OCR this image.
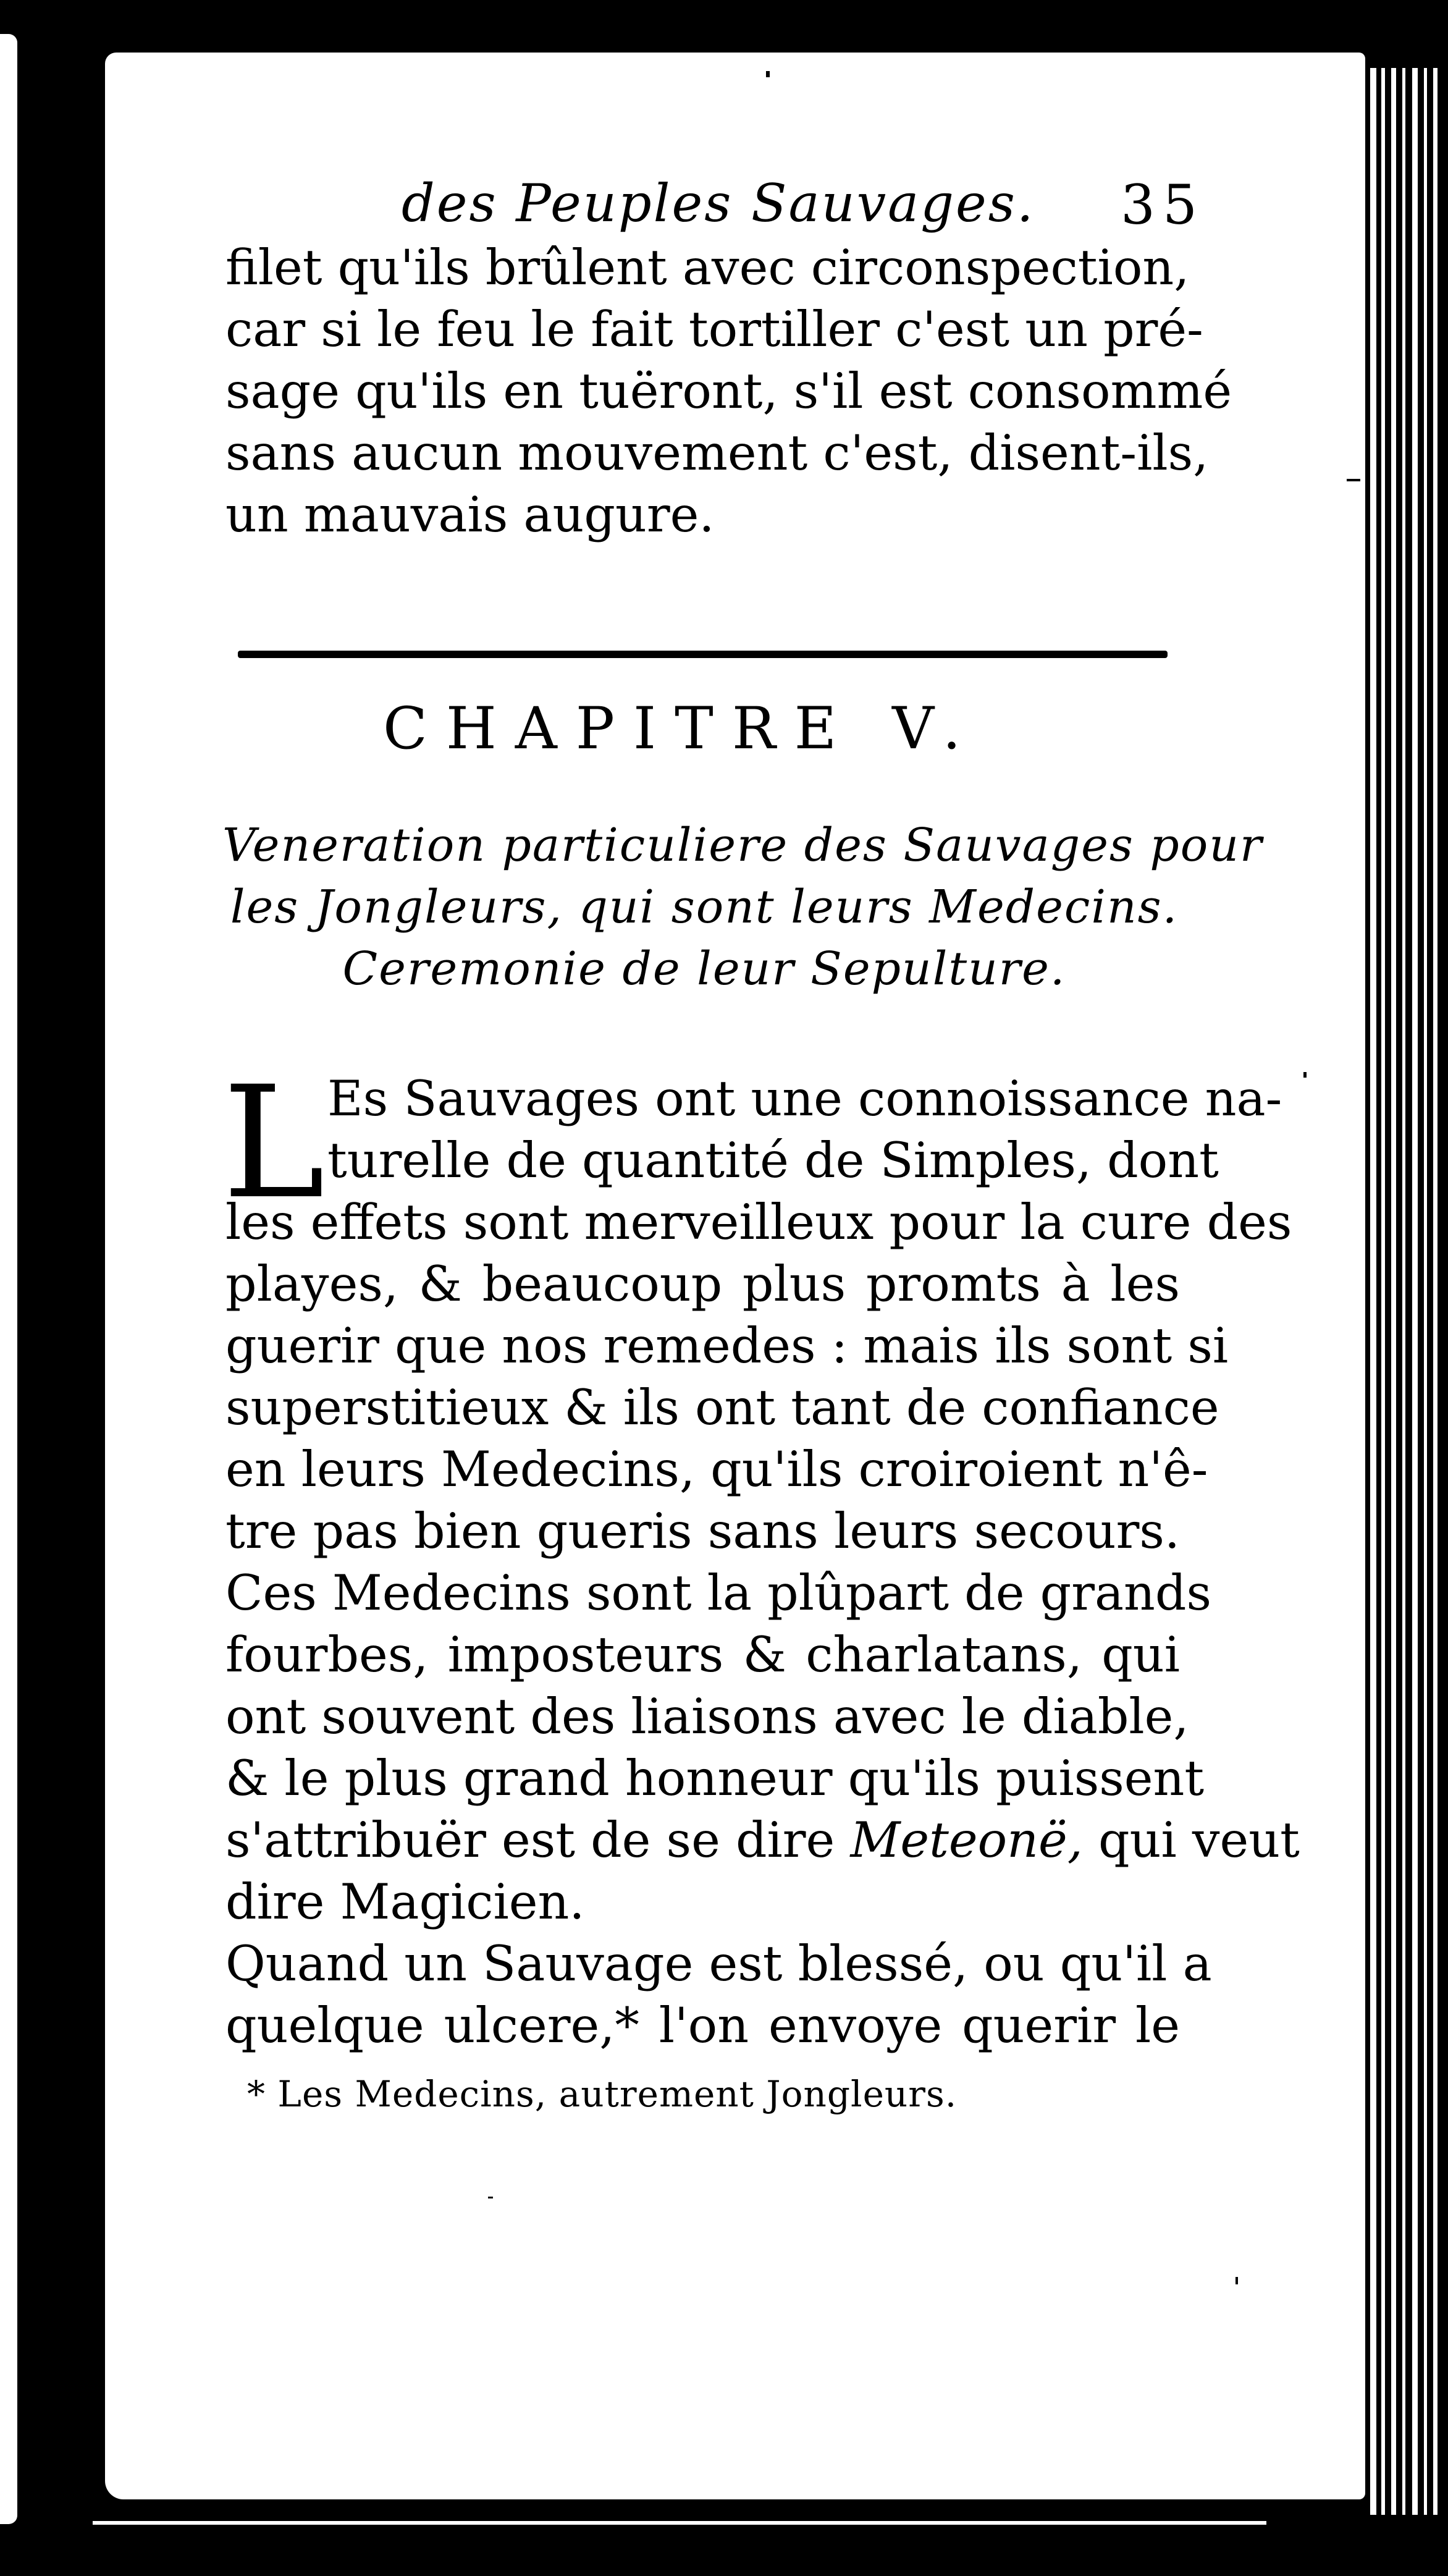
des Peuples Sauvages. 35
filet qu'ils brûlent avec circonspection,
car si le feu le fait tortiller c'est un pré-
sage qu'ils en tuëront, s'il est consommé
sans aucun mouvement c'est, disent-ils,
un mauvais augure.
CHAPITRE V.
Veneration particuliere des Sauvages pour
les Jongleurs, qui sont leurs Medecins.
Ceremonie de leur Sepulture.
L Es Sauvages ont une connoissance na-
turelle de quantité de Simples, dont
les effets sont merveilleux pour la cure des
playes, & beaucoup plus promts à les
guerir que nos remedes : mais ils sont si
superstitieux & ils ont tant de confiance
en leurs Medecins, qu'ils croiroient n'ê-
tre pas bien gueris sans leurs secours.
Ces Medecins sont la plûpart de grands
fourbes, imposteurs & charlatans, qui
ont souvent des liaisons avec le diable,
& le plus grand honneur qu'ils puissent
s'attribuër est de se dire Meteonë, qui veut
dire Magicien.
Quand un Sauvage est blessé, ou qu'il a
quelque ulcere,* l'on envoye querir le
* Les Medecins, autrement Jongleurs.
